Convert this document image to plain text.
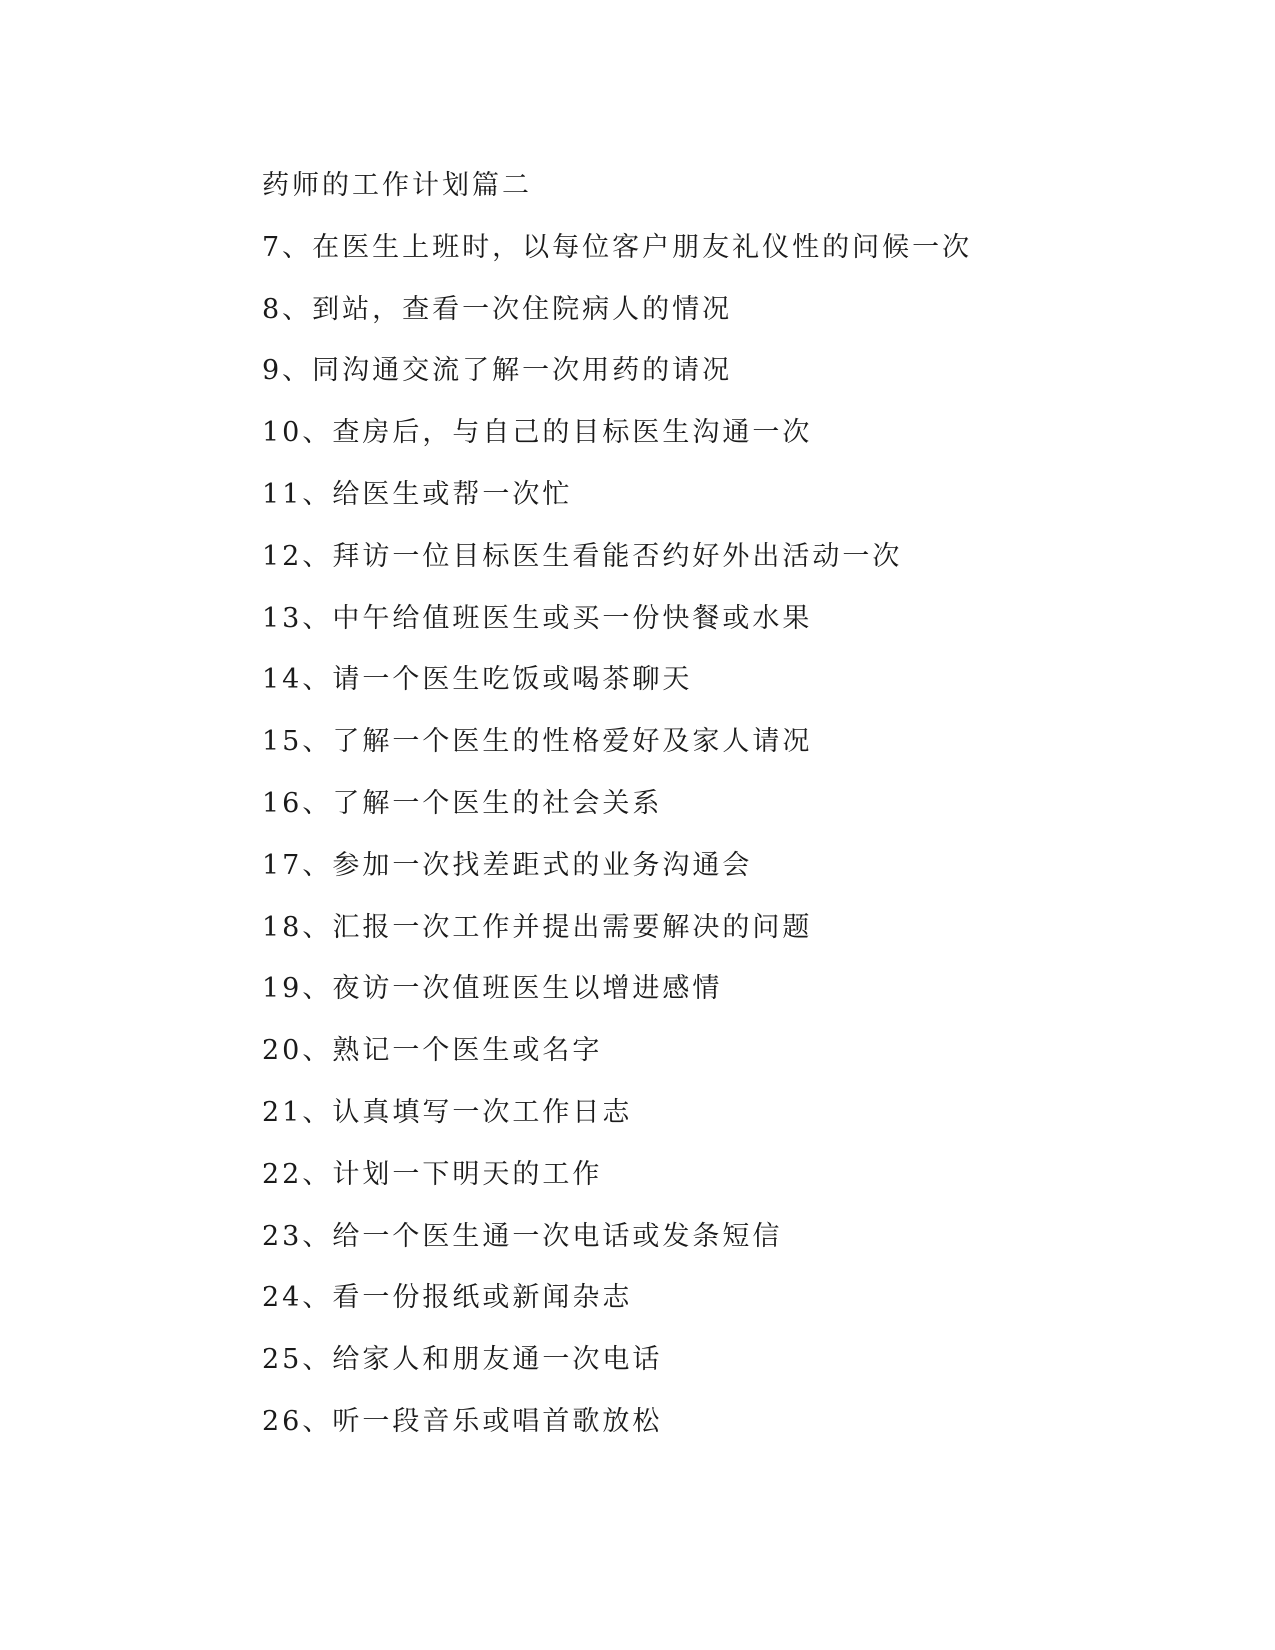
药师的工作计划篇二
7、在医生上班时，以每位客户朋友礼仪性的问候一次
8、到站，查看一次住院病人的情况
9、同沟通交流了解一次用药的请况
10、查房后，与自己的目标医生沟通一次
11、给医生或帮一次忙
12、拜访一位目标医生看能否约好外出活动一次
13、中午给值班医生或买一份快餐或水果
14、请一个医生吃饭或喝茶聊天
15、了解一个医生的性格爱好及家人请况
16、了解一个医生的社会关系
17、参加一次找差距式的业务沟通会
18、汇报一次工作并提出需要解决的问题
19、夜访一次值班医生以增进感情
20、熟记一个医生或名字
21、认真填写一次工作日志
22、计划一下明天的工作
23、给一个医生通一次电话或发条短信
24、看一份报纸或新闻杂志
25、给家人和朋友通一次电话
26、听一段音乐或唱首歌放松
